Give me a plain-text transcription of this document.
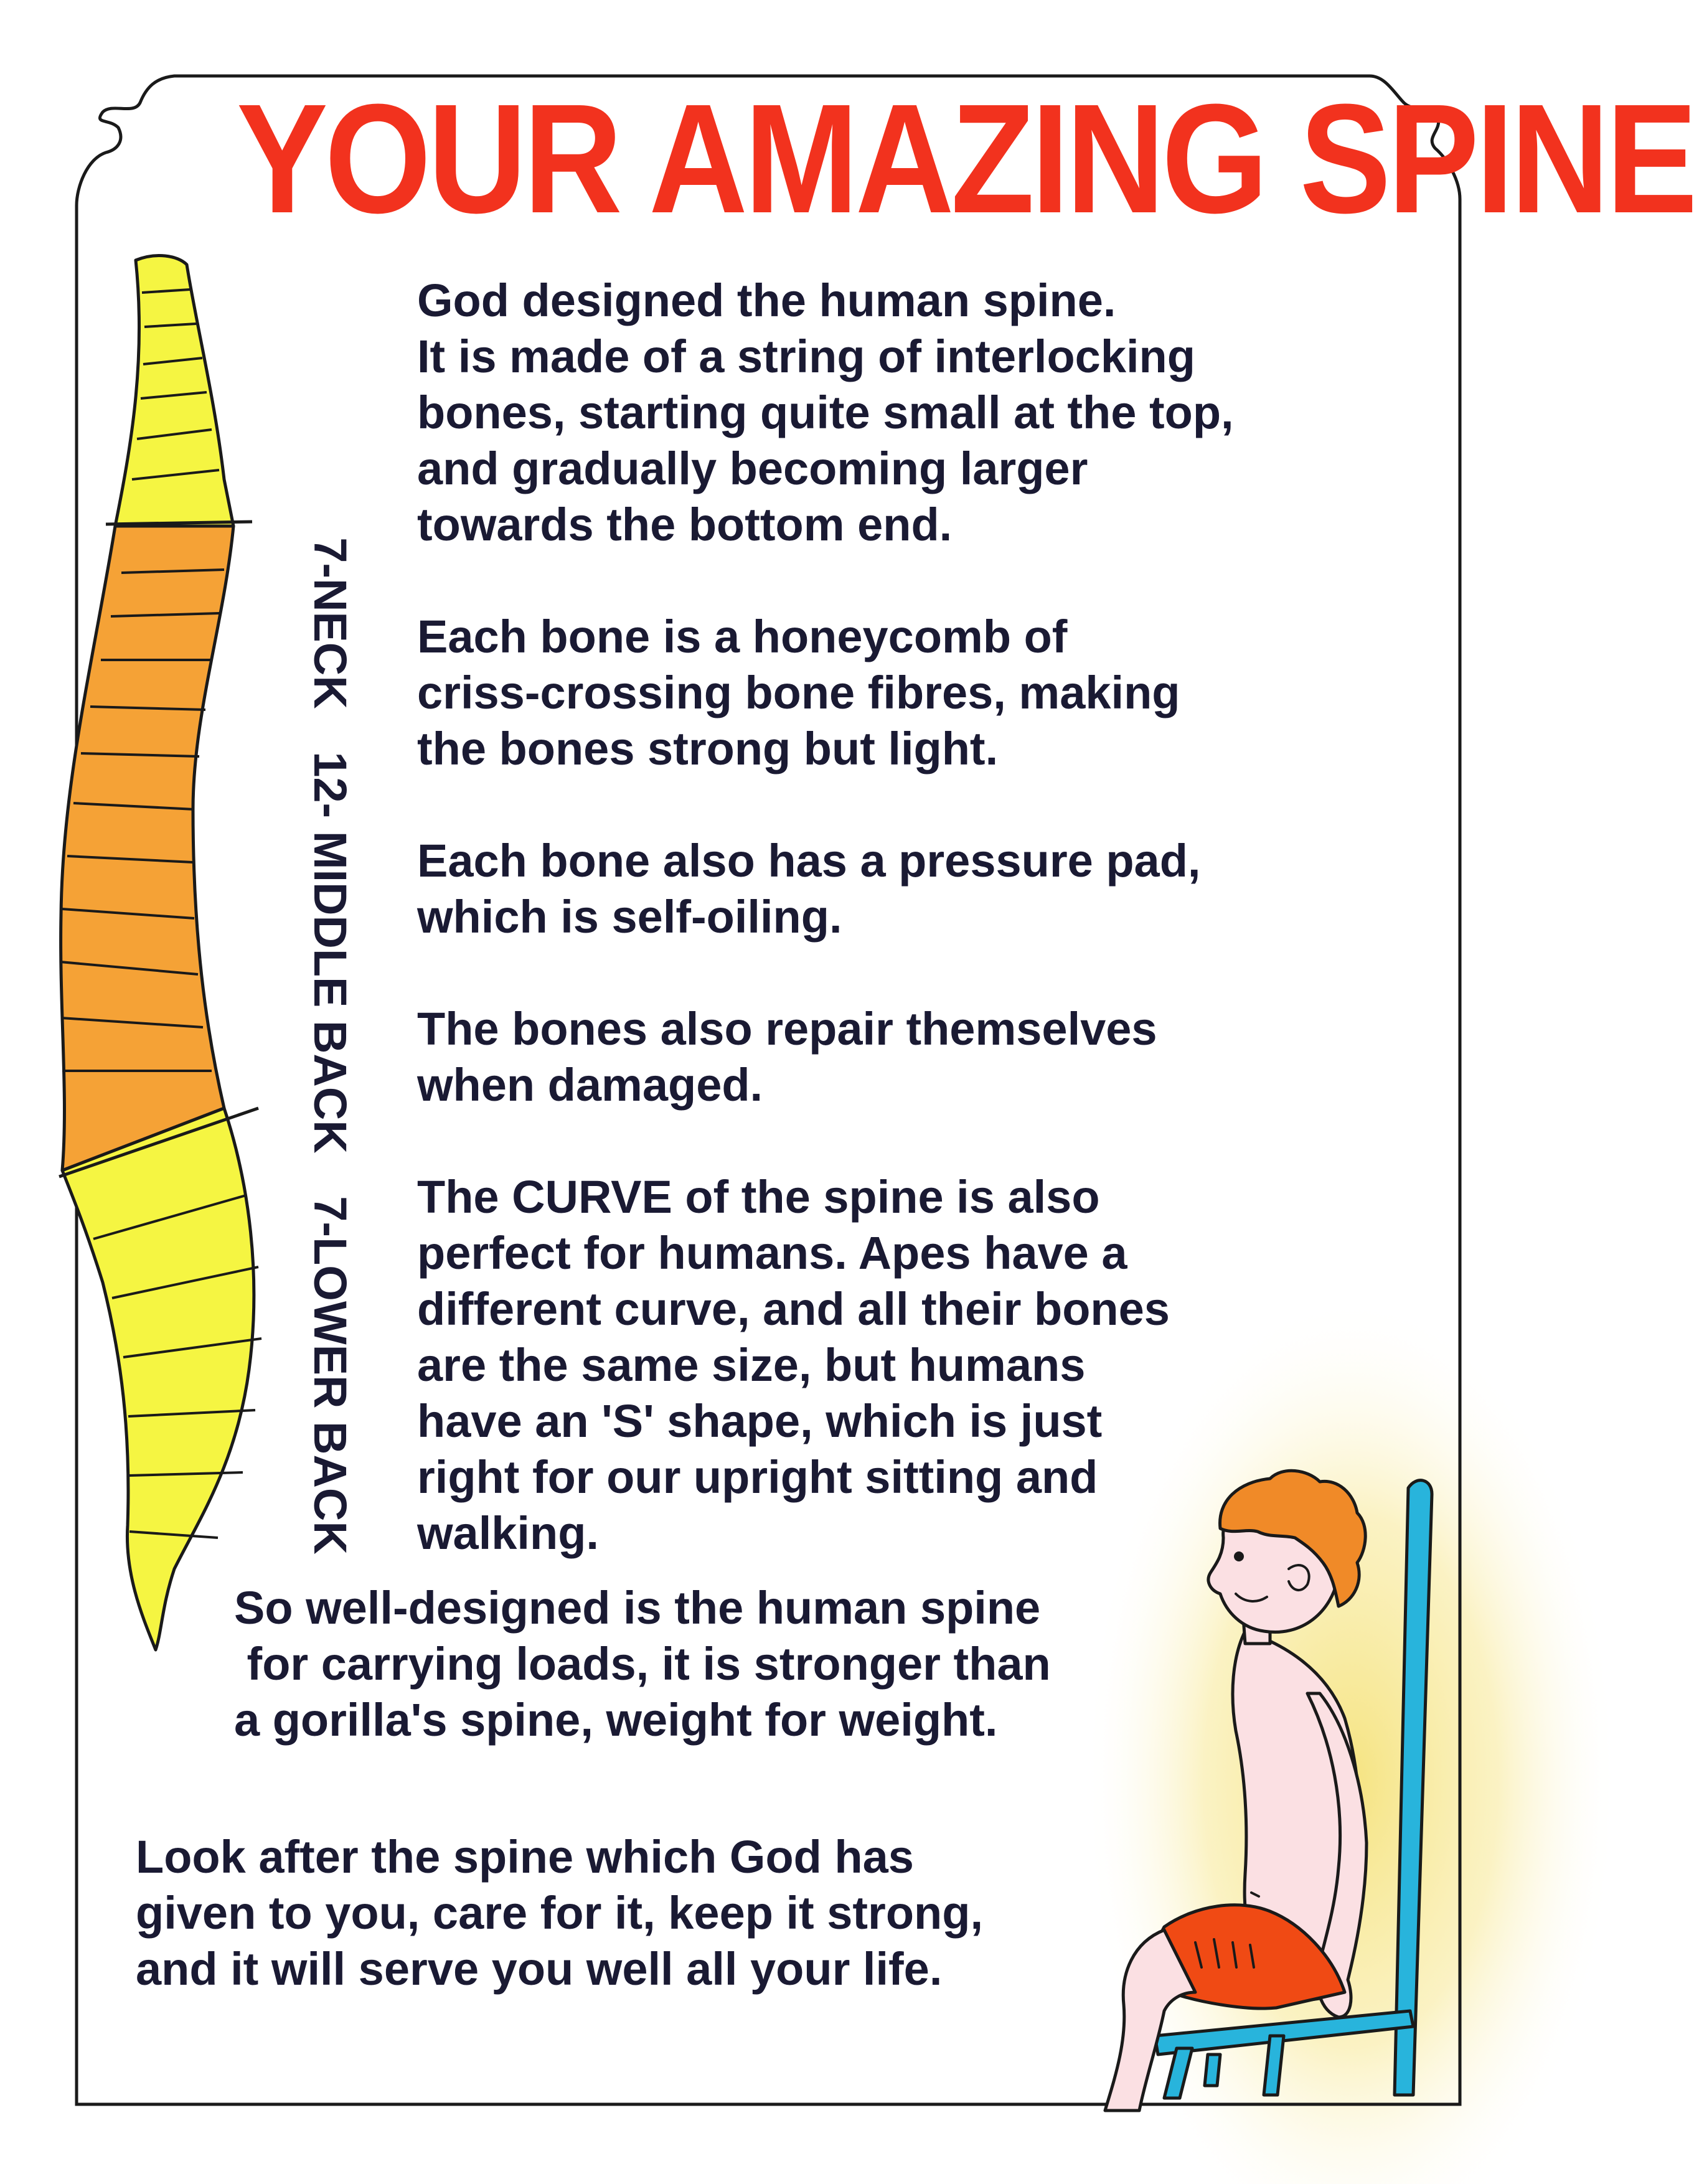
YOUR AMAZING SPINE
7-NECK 12- MIDDLE BACK 7-LOWER BACK

God designed the human spine.
It is made of a string of interlocking
bones, starting quite small at the top,
and gradually becoming larger
towards the bottom end.

Each bone is a honeycomb of
criss-crossing bone fibres, making
the bones strong but light.

Each bone also has a pressure pad,
which is self-oiling.

The bones also repair themselves
when damaged.

The CURVE of the spine is also
perfect for humans. Apes have a
different curve, and all their bones
are the same size, but humans
have an 'S' shape, which is just
right for our upright sitting and
walking.

So well-designed is the human spine
for carrying loads, it is stronger than
a gorilla's spine, weight for weight.

Look after the spine which God has
given to you, care for it, keep it strong,
and it will serve you well all your life.
